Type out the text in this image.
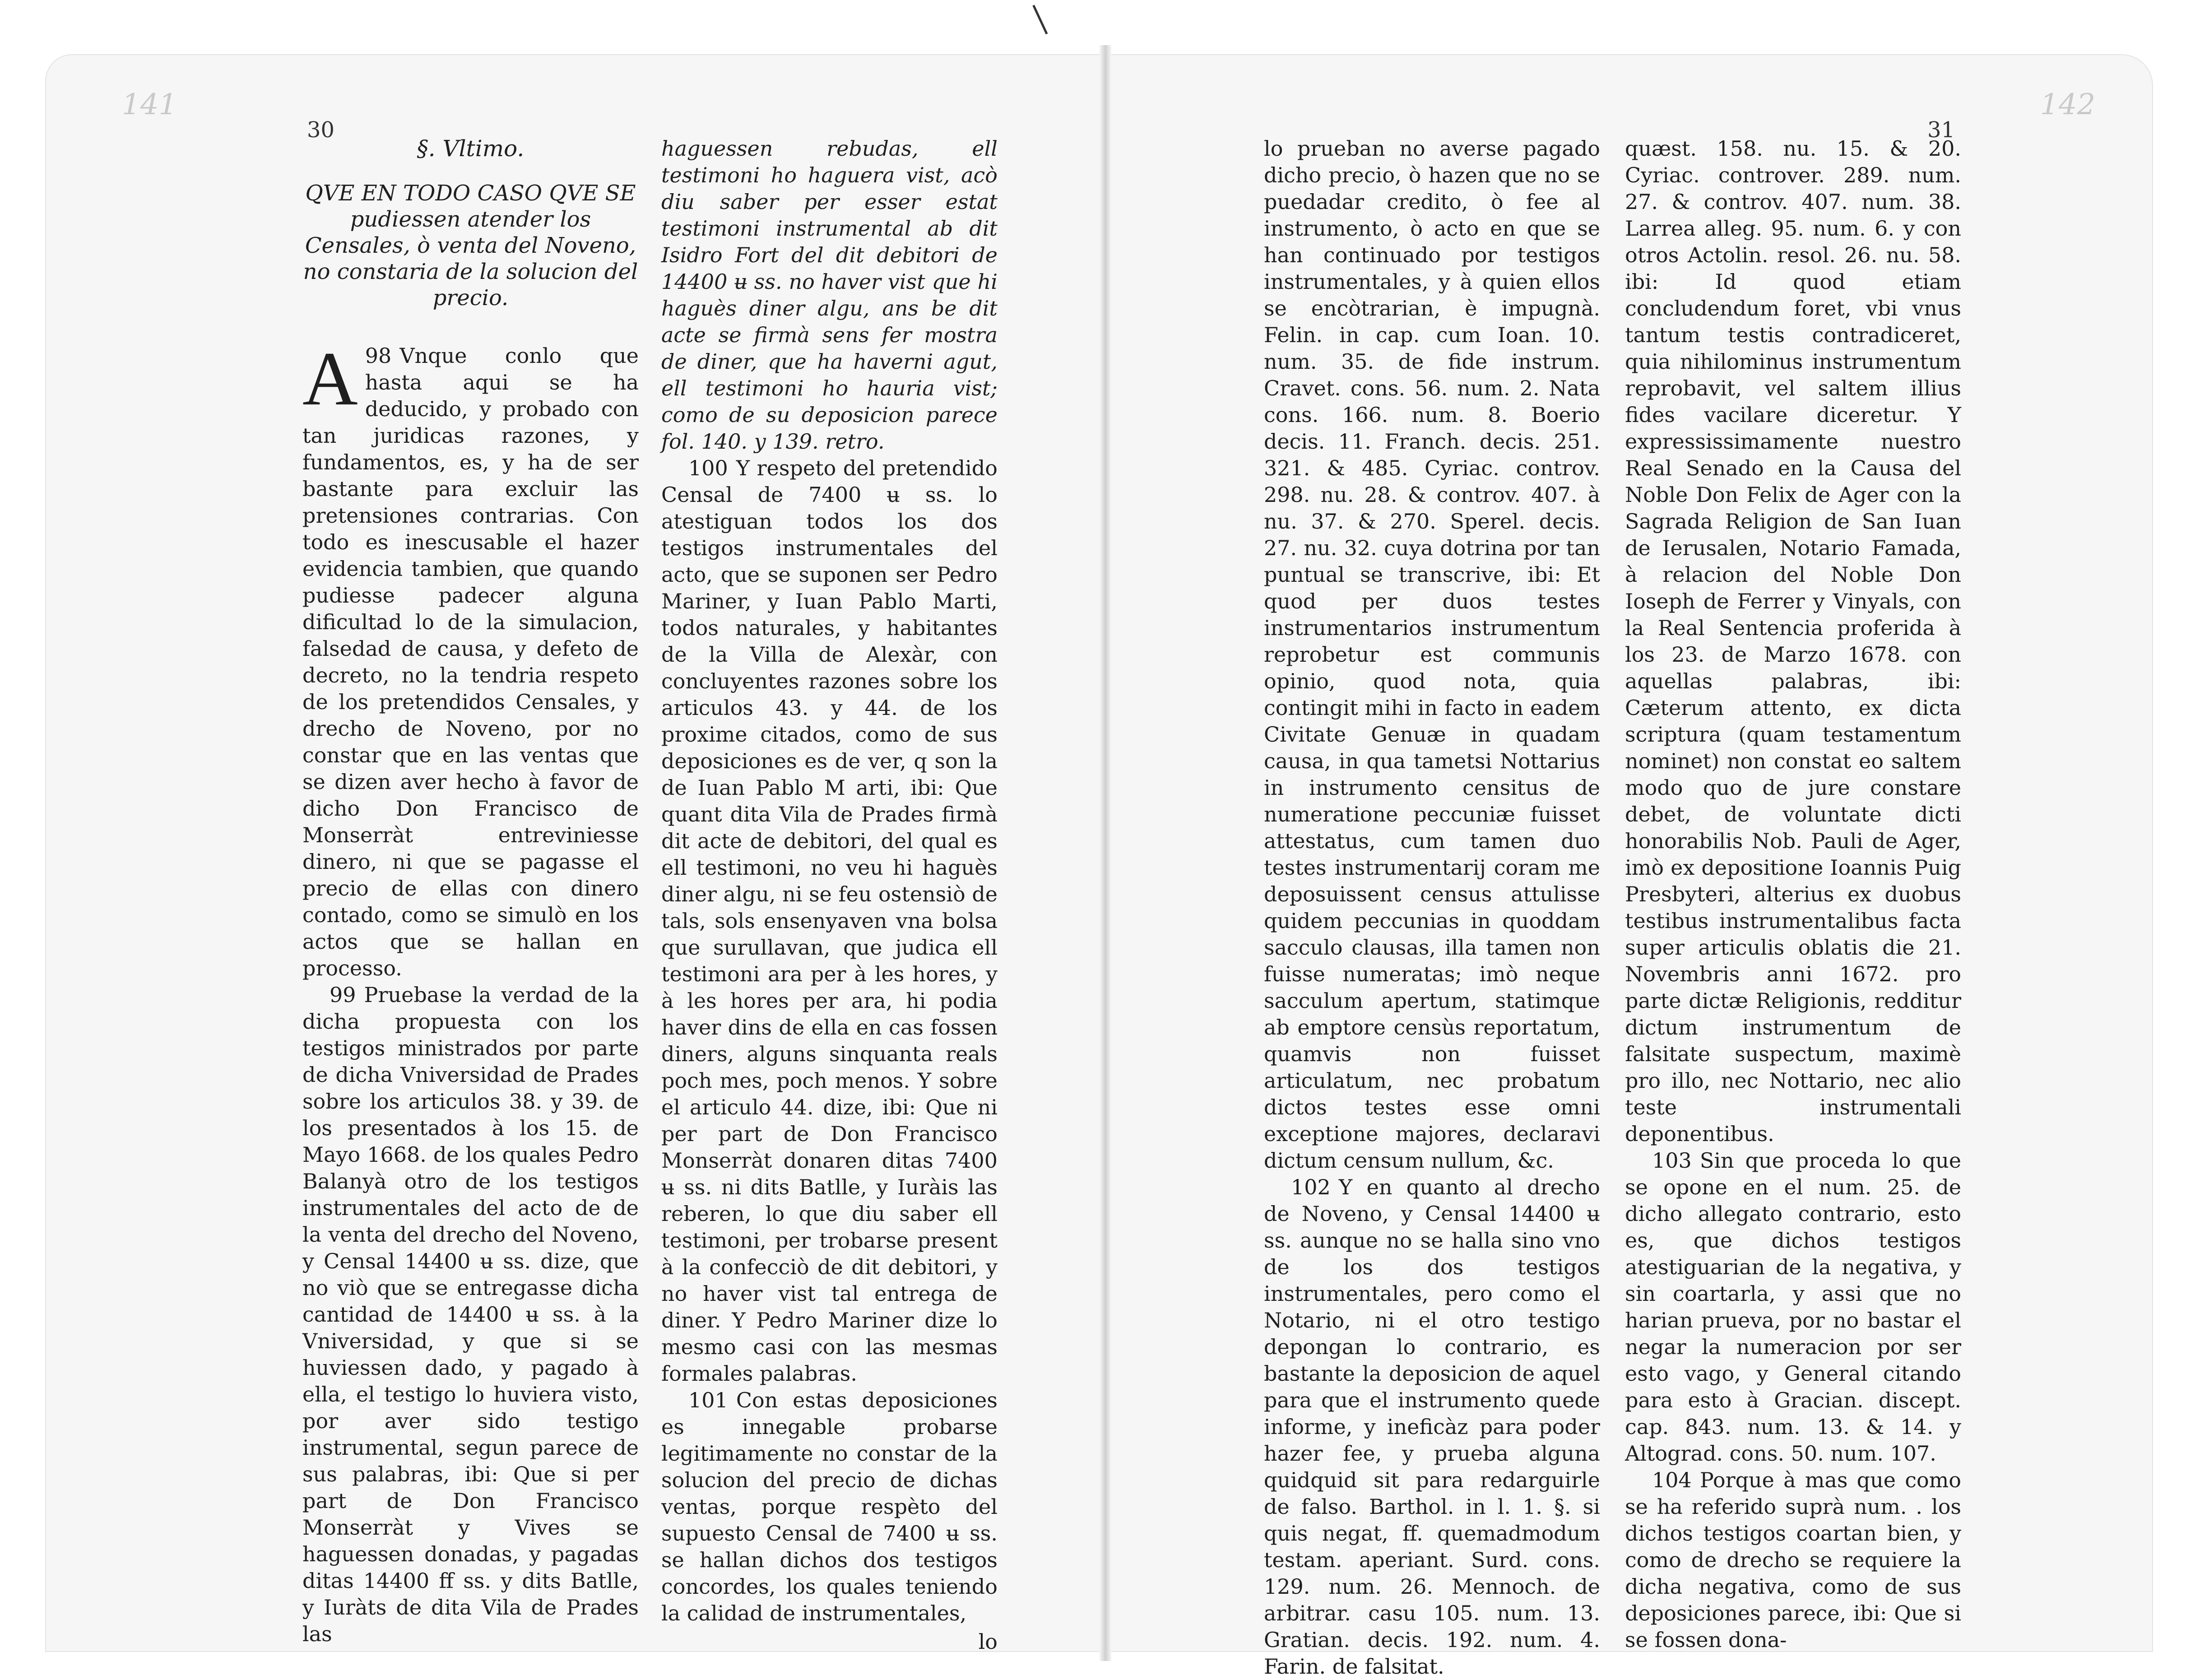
141
30
§. Vltimo.
QVE EN TODO CASO QVE SE pudiessen atender los Censales, ò venta del Noveno, no constaria de la solucion del precio.

98
A Vnque conlo que hasta aqui se ha deducido, y probado con tan juridicas razones, y fundamentos, es, y ha de ser bastante para excluir las pretensiones contrarias. Con todo es inescusable el hazer evidencia tambien, que quando pudiesse padecer alguna dificultad lo de la simulacion, falsedad de causa, y defeto de decreto, no la tendria respeto de los pretendidos Censales, y drecho de Noveno, por no constar que en las ventas que se dizen aver hecho à favor de dicho Don Francisco de Monserràt entreviniesse dinero, ni que se pagasse el precio de ellas con dinero contado, como se simulò en los actos que se hallan en processo.

99 Pruebase la verdad de la dicha propuesta con los testigos ministrados por parte de dicha Vniversidad de Prades sobre los articulos 38. y 39. de los presentados à los 15. de Mayo 1668. de los quales Pedro Balanyà otro de los testigos instrumentales del acto de de la venta del drecho del Noveno, y Censal 14400 ʉ ss. dize, que no viò que se entregasse dicha cantidad de 14400 ʉ ss. à la Vniversidad, y que si se huviessen dado, y pagado à ella, el testigo lo huviera visto, por aver sido testigo instrumental, segun parece de sus palabras, ibi: Que si per part de Don Francisco Monserràt y Vives se haguessen donadas, y pagadas ditas 14400 ff ss. y dits Batlle, y Iuràts de dita Vila de Prades las

haguessen rebudas, ell testimoni ho haguera vist, acò diu saber per esser estat testimoni instrumental ab dit Isidro Fort del dit debitori de 14400 ʉ ss. no haver vist que hi haguès diner algu, ans be dit acte se firmà sens fer mostra de diner, que ha haverni agut, ell testimoni ho hauria vist; como de su deposicion parece fol. 140. y 139. retro.

100 Y respeto del pretendido Censal de 7400 ʉ ss. lo atestiguan todos los dos testigos instrumentales del acto, que se suponen ser Pedro Mariner, y Iuan Pablo Marti, todos naturales, y habitantes de la Villa de Alexàr, con concluyentes razones sobre los articulos 43. y 44. de los proxime citados, como de sus deposiciones es de ver, q son la de Iuan Pablo M arti, ibi: Que quant dita Vila de Prades firmà dit acte de debitori, del qual es ell testimoni, no veu hi haguès diner algu, ni se feu ostensiò de tals, sols ensenyaven vna bolsa que surullavan, que judica ell testimoni ara per à les hores, y à les hores per ara, hi podia haver dins de ella en cas fossen diners, alguns sinquanta reals poch mes, poch menos. Y sobre el articulo 44. dize, ibi: Que ni per part de Don Francisco Monserràt donaren ditas 7400 ʉ ss. ni dits Batlle, y Iuràis las reberen, lo que diu saber ell testimoni, per trobarse present à la confecciò de dit debitori, y no haver vist tal entrega de diner. Y Pedro Mariner dize lo mesmo casi con las mesmas formales palabras.

101 Con estas deposiciones es innegable probarse legitimamente no constar de la solucion del precio de dichas ventas, porque respèto del supuesto Censal de 7400 ʉ ss. se hallan dichos dos testigos concordes, los quales teniendo la calidad de instrumentales,

lo
31
142

lo prueban no averse pagado dicho precio, ò hazen que no se puedadar credito, ò fee al instrumento, ò acto en que se han continuado por testigos instrumentales, y à quien ellos se encòtrarian, è impugnà. Felin. in cap. cum Ioan. 10. num. 35. de fide instrum. Cravet. cons. 56. num. 2. Nata cons. 166. num. 8. Boerio decis. 11. Franch. decis. 251. 321. & 485. Cyriac. controv. 298. nu. 28. & controv. 407. à nu. 37. & 270. Sperel. decis. 27. nu. 32. cuya dotrina por tan puntual se transcrive, ibi: Et quod per duos testes instrumentarios instrumentum reprobetur est communis opinio, quod nota, quia contingit mihi in facto in eadem Civitate Genuæ in quadam causa, in qua tametsi Nottarius in instrumento censitus de numeratione peccuniæ fuisset attestatus, cum tamen duo testes instrumentarij coram me deposuissent census attulisse quidem peccunias in quoddam sacculo clausas, illa tamen non fuisse numeratas; imò neque sacculum apertum, statimque ab emptore censùs reportatum, quamvis non fuisset articulatum, nec probatum dictos testes esse omni exceptione majores, declaravi dictum censum nullum, &c.

102 Y en quanto al drecho de Noveno, y Censal 14400 ʉ ss. aunque no se halla sino vno de los dos testigos instrumentales, pero como el Notario, ni el otro testigo depongan lo contrario, es bastante la deposicion de aquel para que el instrumento quede informe, y ineficàz para poder hazer fee, y prueba alguna quidquid sit para redarguirle de falso. Barthol. in l. 1. §. si quis negat, ff. quemadmodum testam. aperiant. Surd. cons. 129. num. 26. Mennoch. de arbitrar. casu 105. num. 13. Gratian. decis. 192. num. 4. Farin. de falsitat.

quæst. 158. nu. 15. & 20. Cyriac. controver. 289. num. 27. & controv. 407. num. 38. Larrea alleg. 95. num. 6. y con otros Actolin. resol. 26. nu. 58. ibi: Id quod etiam concludendum foret, vbi vnus tantum testis contradiceret, quia nihilominus instrumentum reprobavit, vel saltem illius fides vacilare diceretur. Y expressissimamente nuestro Real Senado en la Causa del Noble Don Felix de Ager con la Sagrada Religion de San Iuan de Ierusalen, Notario Famada, à relacion del Noble Don Ioseph de Ferrer y Vinyals, con la Real Sentencia proferida à los 23. de Marzo 1678. con aquellas palabras, ibi: Cæterum attento, ex dicta scriptura (quam testamentum nominet) non constat eo saltem modo quo de jure constare debet, de voluntate dicti honorabilis Nob. Pauli de Ager, imò ex depositione Ioannis Puig Presbyteri, alterius ex duobus testibus instrumentalibus facta super articulis oblatis die 21. Novembris anni 1672. pro parte dictæ Religionis, redditur dictum instrumentum de falsitate suspectum, maximè pro illo, nec Nottario, nec alio teste instrumentali deponentibus.

103 Sin que proceda lo que se opone en el num. 25. de dicho allegato contrario, esto es, que dichos testigos atestiguarian de la negativa, y sin coartarla, y assi que no harian prueva, por no bastar el negar la numeracion por ser esto vago, y General citando para esto à Gracian. discept. cap. 843. num. 13. & 14. y Altograd. cons. 50. num. 107.

104 Porque à mas que como se ha referido suprà num. . los dichos testigos coartan bien, y como de drecho se requiere la dicha negativa, como de sus deposiciones parece, ibi: Que si se fossen dona-
